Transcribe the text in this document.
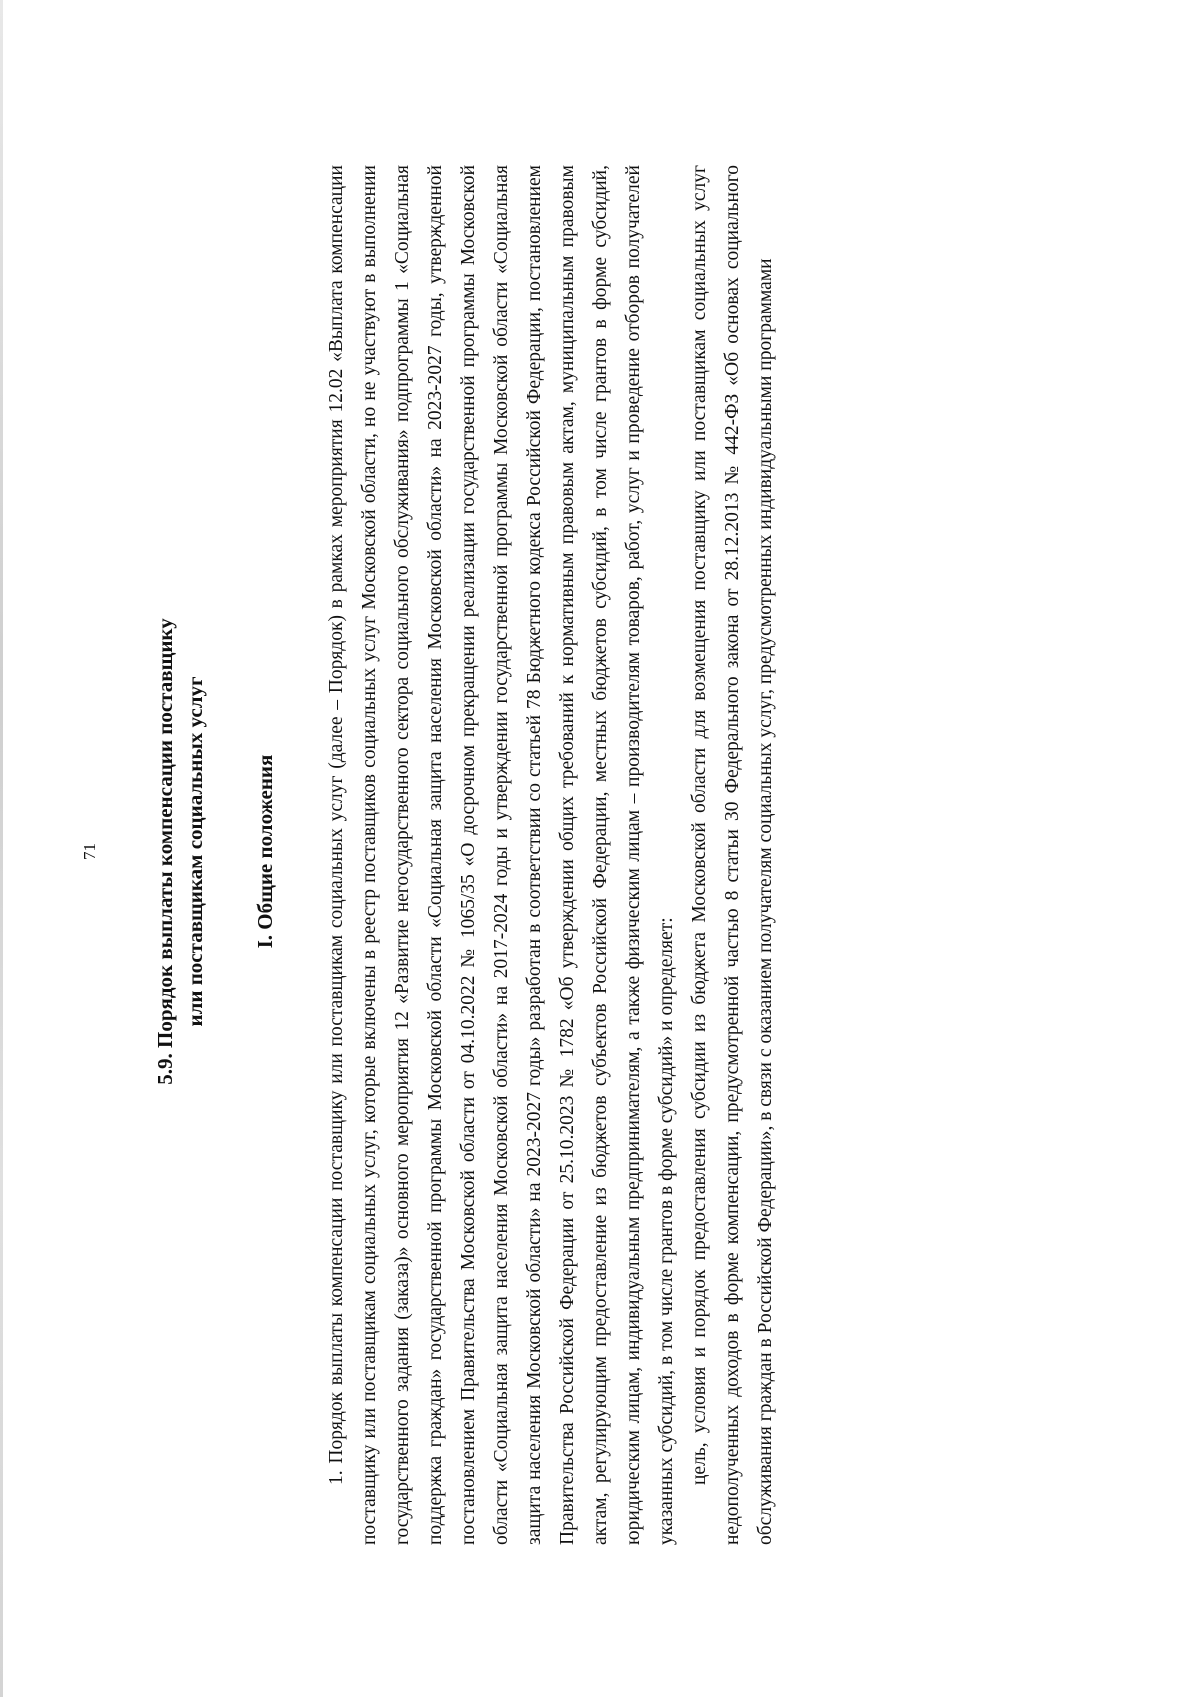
71	5.9. Порядок выплаты компенсации поставщику или поставщикам социальных услуг I. Общие положения	1. Порядок выплаты компенсации поставщику или поставщикам социальных услуг (далее – Порядок) в рамках мероприятия 12.02 «Выплата компенсации поставщику или поставщикам социальных услуг, которые включены в реестр поставщиков социальных услуг Московской области, но не участвуют в выполнении государственного задания (заказа)» основного мероприятия 12 «Развитие негосударственного сектора социального обслуживания» подпрограммы 1 «Социальная поддержка граждан» государственной программы Московской области «Социальная защита населения Московской области» на 2023-2027 годы, утвержденной постановлением Правительства Московской области от 04.10.2022 № 1065/35 «О досрочном прекращении реализации государственной программы Московской области «Социальная защита населения Московской области» на 2017-2024 годы и утверждении государственной программы Московской области «Социальная защита населения Московской области» на 2023-2027 годы» разработан в соответствии со статьей 78 Бюджетного кодекса Российской Федерации, постановлением Правительства Российской Федерации от 25.10.2023 № 1782 «Об утверждении общих требований к нормативным правовым актам, муниципальным правовым актам, регулирующим предоставление из бюджетов субъектов Российской Федерации, местных бюджетов субсидий, в том числе грантов в форме субсидий, юридическим лицам, индивидуальным предпринимателям, а также физическим лицам – производителям товаров, работ, услуг и проведение отборов получателей указанных субсидий, в том числе грантов в форме субсидий» и определяет: цель, условия и порядок предоставления субсидии из бюджета Московской области для возмещения поставщику или поставщикам социальных услуг недополученных доходов в форме компенсации, предусмотренной частью 8 статьи 30 Федерального закона от 28.12.2013 № 442-ФЗ «Об основах социального обслуживания граждан в Российской Федерации», в связи с оказанием получателям социальных услуг, предусмотренных индивидуальными программами
